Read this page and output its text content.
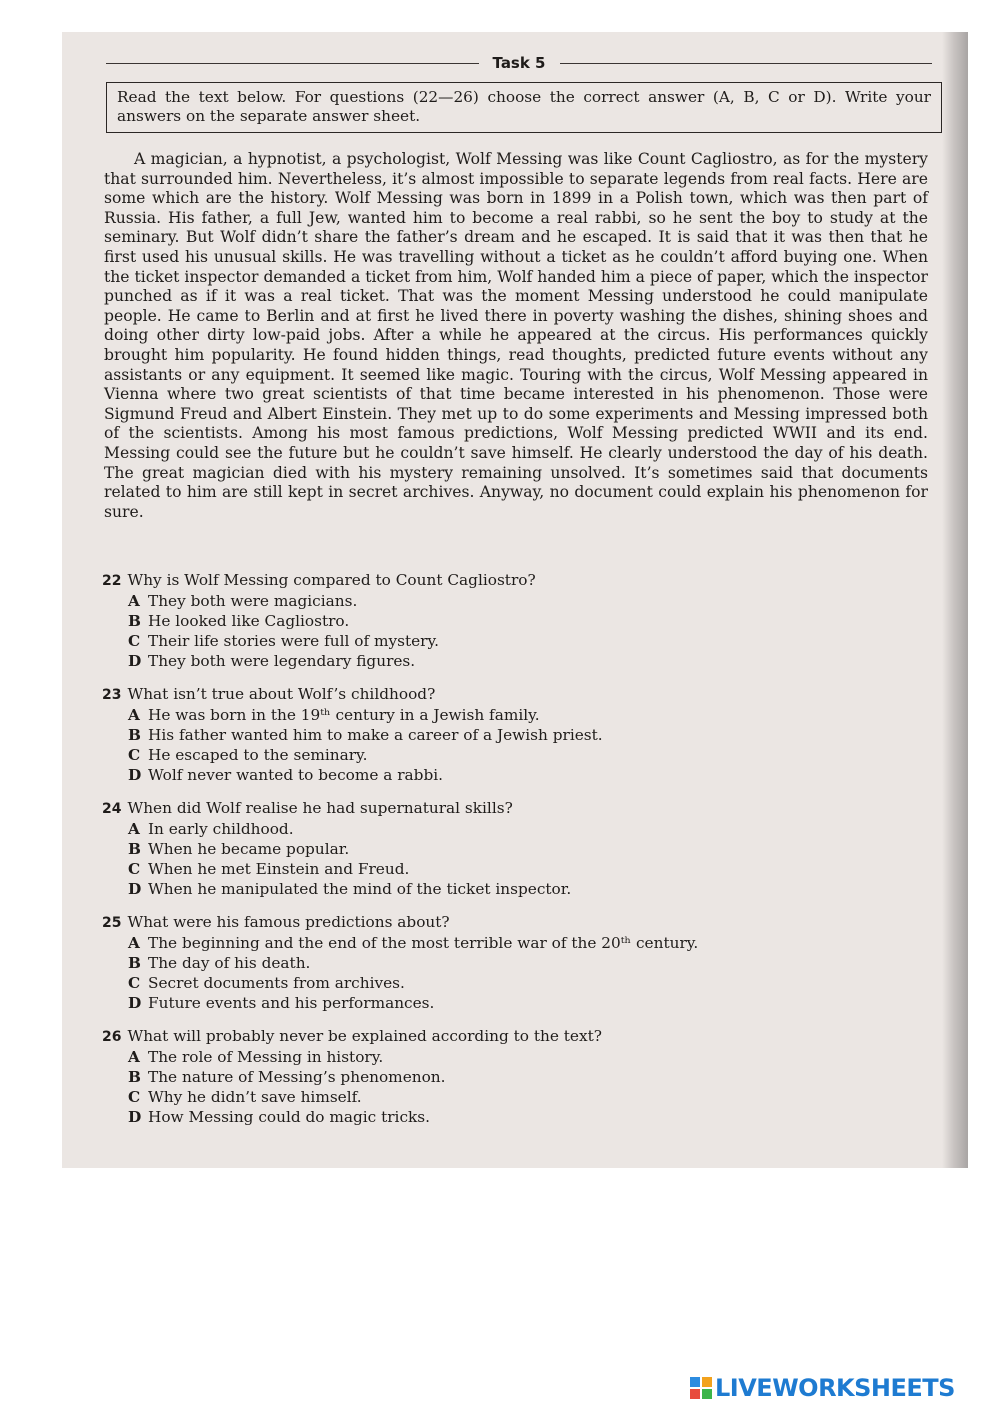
Task 5
Read the text below. For questions (22—26) choose the correct answer (A, B, C or D). Write your answers on the separate answer sheet.

A magician, a hypnotist, a psychologist, Wolf Messing was like Count Cagliostro, as for the mystery that surrounded him. Nevertheless, it’s almost impossible to separate legends from real facts. Here are some which are the history. Wolf Messing was born in 1899 in a Polish town, which was then part of Russia. His father, a full Jew, wanted him to become a real rabbi, so he sent the boy to study at the seminary. But Wolf didn’t share the father’s dream and he escaped. It is said that it was then that he first used his unusual skills. He was travelling without a ticket as he couldn’t afford buying one. When the ticket inspector demanded a ticket from him, Wolf handed him a piece of paper, which the inspector punched as if it was a real ticket. That was the moment Messing understood he could manipulate people. He came to Berlin and at first he lived there in poverty washing the dishes, shining shoes and doing other dirty low-paid jobs. After a while he appeared at the circus. His performances quickly brought him popularity. He found hidden things, read thoughts, predicted future events without any assistants or any equipment. It seemed like magic. Touring with the circus, Wolf Messing appeared in Vienna where two great scientists of that time became interested in his phenomenon. Those were Sigmund Freud and Albert Einstein. They met up to do some experiments and Messing impressed both of the scientists. Among his most famous predictions, Wolf Messing predicted WWII and its end. Messing could see the future but he couldn’t save himself. He clearly understood the day of his death. The great magician died with his mystery remaining unsolved. It’s sometimes said that documents related to him are still kept in secret archives. Anyway, no document could explain his phenomenon for sure.

22 Why is Wolf Messing compared to Count Cagliostro?
A They both were magicians.
B He looked like Cagliostro.
C Their life stories were full of mystery.
D They both were legendary figures.
23 What isn’t true about Wolf’s childhood?
A He was born in the 19ᵗʰ century in a Jewish family.
B His father wanted him to make a career of a Jewish priest.
C He escaped to the seminary.
D Wolf never wanted to become a rabbi.
24 When did Wolf realise he had supernatural skills?
A In early childhood.
B When he became popular.
C When he met Einstein and Freud.
D When he manipulated the mind of the ticket inspector.
25 What were his famous predictions about?
A The beginning and the end of the most terrible war of the 20ᵗʰ century.
B The day of his death.
C Secret documents from archives.
D Future events and his performances.
26 What will probably never be explained according to the text?
A The role of Messing in history.
B The nature of Messing’s phenomenon.
C Why he didn’t save himself.
D How Messing could do magic tricks.
LIVEWORKSHEETS
